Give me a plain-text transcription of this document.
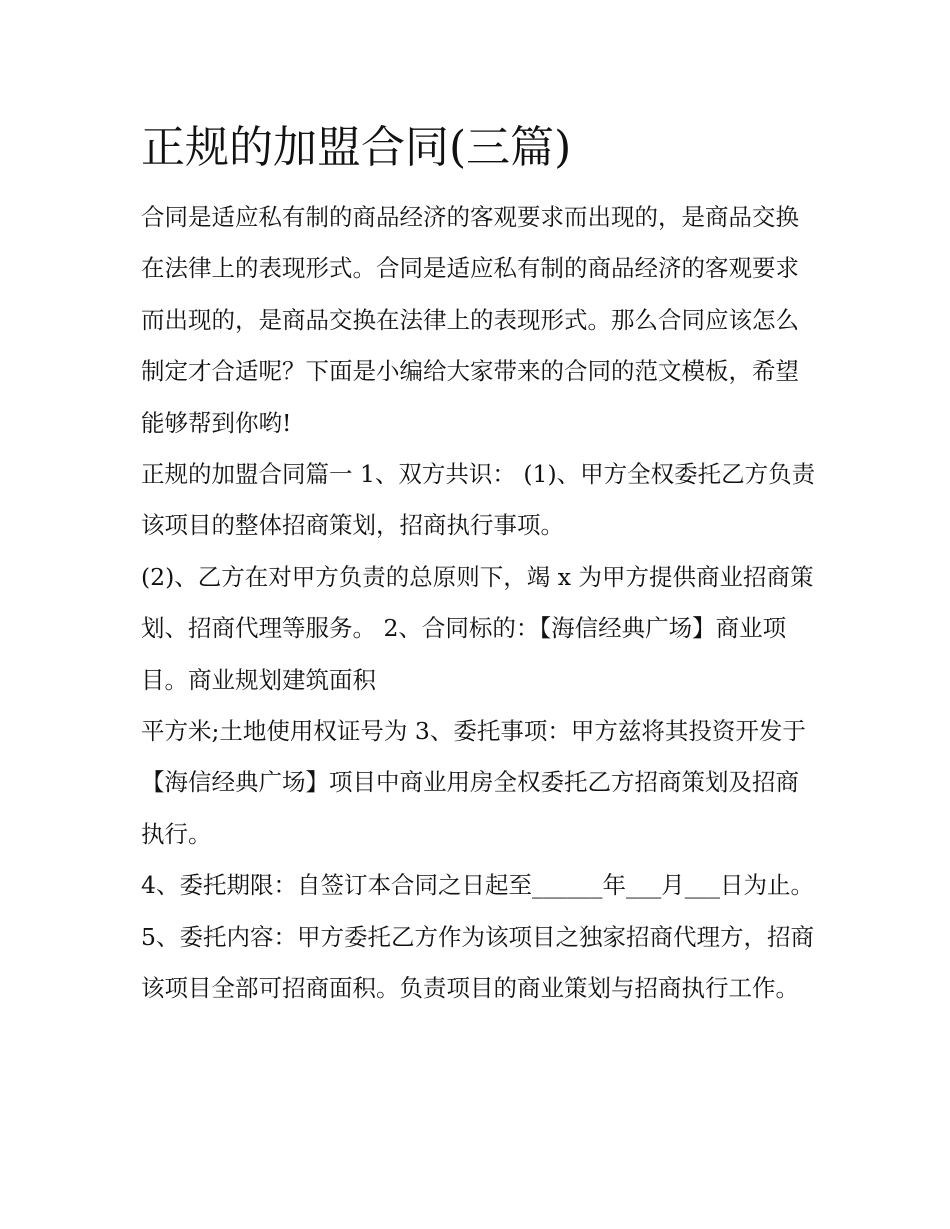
正规的加盟合同(三篇)

合同是适应私有制的商品经济的客观要求而出现的，是商品交换在法律上的表现形式。合同是适应私有制的商品经济的客观要求而出现的，是商品交换在法律上的表现形式。那么合同应该怎么制定才合适呢？下面是小编给大家带来的合同的范文模板，希望能够帮到你哟!

正规的加盟合同篇一 1、双方共识： (1)、甲方全权委托乙方负责该项目的整体招商策划，招商执行事项。

(2)、乙方在对甲方负责的总原则下，竭 x 为甲方提供商业招商策划、招商代理等服务。 2、合同标的：【海信经典广场】商业项目。商业规划建筑面积

平方米;土地使用权证号为 3、委托事项：甲方兹将其投资开发于【海信经典广场】项目中商业用房全权委托乙方招商策划及招商执行。

4、委托期限：自签订本合同之日起至______年___月___日为止。

5、委托内容：甲方委托乙方作为该项目之独家招商代理方，招商该项目全部可招商面积。负责项目的商业策划与招商执行工作。
